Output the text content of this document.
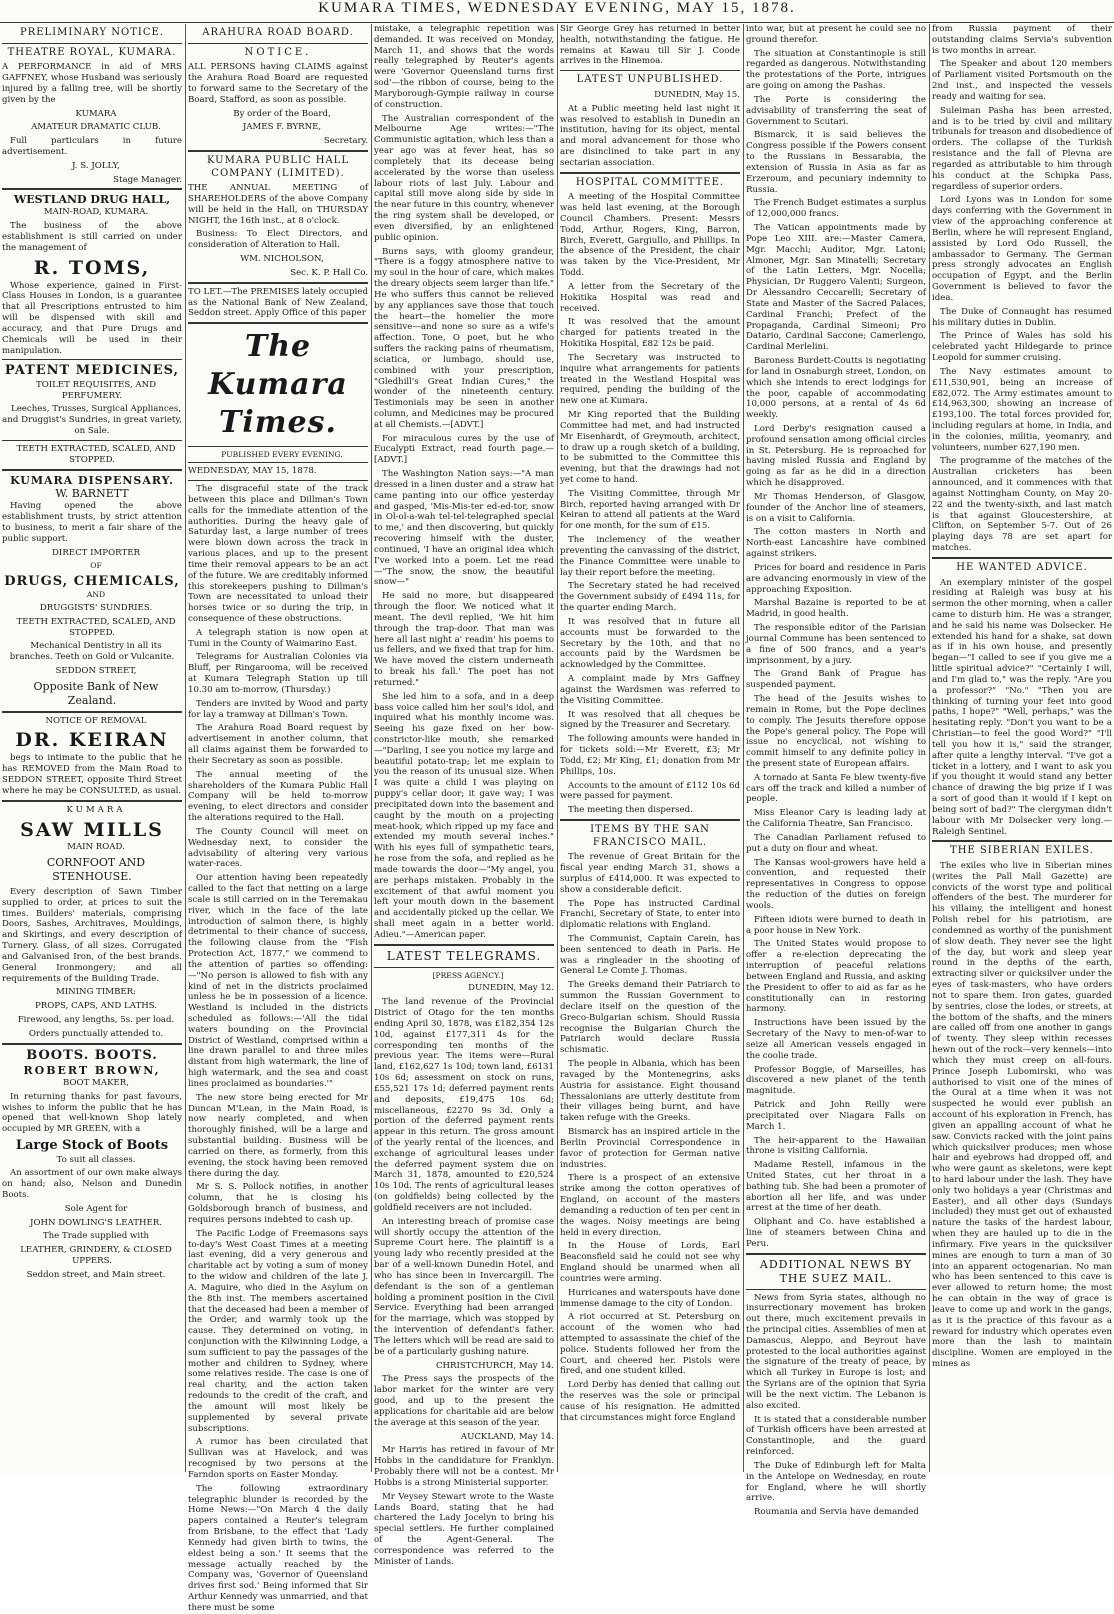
KUMARA TIMES, WEDNESDAY EVENING, MAY 15, 1878.
PRELIMINARY NOTICE.
THEATRE ROYAL, KUMARA.

A PERFORMANCE in aid of MRS GAFFNEY, whose Husband was seriously injured by a falling tree, will be shortly given by the

KUMARA

AMATEUR DRAMATIC CLUB.

Full particulars in future advertisement.

J. S. JOLLY,

Stage Manager.

WESTLAND DRUG HALL,

MAIN-ROAD, KUMARA.

The business of the above establishment is still carried on under the management of

R. TOMS,

Whose experience, gained in First-Class Houses in London, is a guarantee that all Prescriptions entrusted to him will be dispensed with skill and accuracy, and that Pure Drugs and Chemicals will be used in their manipulation.

PATENT MEDICINES,

TOILET REQUISITES, AND PERFUMERY.

Leeches, Trusses, Surgical Appliances, and Druggist's Sundries, in great variety, on Sale.

TEETH EXTRACTED, SCALED, AND STOPPED.

KUMARA DISPENSARY.
W. BARNETT

Having opened the above establishment trusts, by strict attention to business, to merit a fair share of the public support.

DIRECT IMPORTER

OF

DRUGS, CHEMICALS,

AND

DRUGGISTS' SUNDRIES.

TEETH EXTRACTED, SCALED, AND STOPPED.

Mechanical Dentistry in all its branches. Teeth on Gold or Vulcanite.

SEDDON STREET,

Opposite Bank of New Zealand.

NOTICE OF REMOVAL

DR. KEIRAN

begs to intimate to the public that he has REMOVED from the Main Road to SEDDON STREET, opposite Third Street where he may be CONSULTED, as usual.

KUMARA

SAW MILLS

MAIN ROAD.

CORNFOOT AND STENHOUSE.

Every description of Sawn Timber supplied to order, at prices to suit the times. Builders' materials, comprising Doors, Sashes, Architraves, Mouldings, and Skirtings, and every description of Turnery. Glass, of all sizes. Corrugated and Galvanised Iron, of the best brands. General Ironmongery; and all requirements of the Building Trade.

MINING TIMBER:

PROPS, CAPS, AND LATHS.

Firewood, any lengths, 5s. per load.

Orders punctually attended to.

BOOTS. BOOTS.
ROBERT BROWN,

BOOT MAKER,

In returning thanks for past favours, wishes to inform the public that he has opened that well-known Shop lately occupied by MR GREEN, with a

Large Stock of Boots

To suit all classes.

An assortment of our own make always on hand; also, Nelson and Dunedin Boots.

Sole Agent for

JOHN DOWLING'S LEATHER.

The Trade supplied with

LEATHER, GRINDERY, & CLOSED UPPERS.

Seddon street, and Main street.

ARAHURA ROAD BOARD.
NOTICE.

ALL PERSONS having CLAIMS against the Arahura Road Board are requested to forward same to the Secretary of the Board, Stafford, as soon as possible.

By order of the Board,

JAMES F. BYRNE,

Secretary.

KUMARA PUBLIC HALL COMPANY (LIMITED).

THE ANNUAL MEETING of SHAREHOLDERS of the above Company will be held in the Hall, on THURSDAY NIGHT, the 16th inst., at 8 o'clock.

Business: To Elect Directors, and consideration of Alteration to Hall.

WM. NICHOLSON,

Sec. K. P. Hall Co.

TO LET.—The PREMISES lately occupied as the National Bank of New Zealand, Seddon street. Apply Office of this paper

The Kumara Times.

PUBLISHED EVERY EVENING.

WEDNESDAY, MAY 15, 1878.

The disgraceful state of the track between this place and Dillman's Town calls for the immediate attention of the authorities. During the heavy gale of Saturday last, a large number of trees were blown down across the track in various places, and up to the present time their removal appears to be an act of the future. We are creditably informed this storekeepers pushing to Dillman's Town are necessitated to unload their horses twice or so during the trip, in consequence of these obstructions.

A telegraph station is now open at Tumi in the County of Waimarino East.

Telegrams for Australian Colonies via Bluff, per Ringarooma, will be received at Kumara Telegraph Station up till 10.30 am to-morrow, (Thursday.)

Tenders are invited by Wood and party for lay a tramway at Dillman's Town.

The Arahura Road Board request by advertisement in another column, that all claims against them be forwarded to their Secretary as soon as possible.

The annual meeting of the shareholders of the Kumara Public Hall Company will be held to-morrow evening, to elect directors and consider the alterations required to the Hall.

The County Council will meet on Wednesday next, to consider the advisability of altering very various water-races.

Our attention having been repeatedly called to the fact that netting on a large scale is still carried on in the Teremakau river, which in the face of the late introduction of salmon there, is highly detrimental to their chance of success, the following clause from the "Fish Protection Act, 1877," we commend to the attention of parties so offending:—"No person is allowed to fish with any kind of net in the districts proclaimed unless he be in possession of a licence. Westland is included in the districts scheduled as follows:—'All the tidal waters bounding on the Provincial District of Westland, comprised within a line drawn parallel to and three miles distant from high watermark, the line of high watermark, and the sea and coast lines proclaimed as boundaries.'"

The new store being erected for Mr Duncan M'Lean, in the Main Road, is now nearly completed, and when thoroughly finished, will be a large and substantial building. Business will be carried on there, as formerly, from this evening, the stock having been removed there during the day.

Mr S. S. Pollock notifies, in another column, that he is closing his Goldsborough branch of business, and requires persons indebted to cash up.

The Pacific Lodge of Freemasons says to-day's West Coast Times at a meeting last evening, did a very generous and charitable act by voting a sum of money to the widow and children of the late J. A. Maguire, who died in the Asylum on the 8th inst. The members ascertained that the deceased had been a member of the Order, and warmly took up the cause. They determined on voting, in conjunction with the Kilwinning Lodge, a sum sufficient to pay the passages of the mother and children to Sydney, where some relatives reside. The case is one of real charity, and the action taken redounds to the credit of the craft, and the amount will most likely be supplemented by several private subscriptions.

A rumor has been circulated that Sullivan was at Havelock, and was recognised by two persons at the Farndon sports on Easter Monday.

The following extraordinary telegraphic blunder is recorded by the Home News:—"On March 4 the daily papers contained a Reuter's telegram from Brisbane, to the effect that 'Lady Kennedy had given birth to twins, the eldest being a son.' It seems that the message actually reached by the Company was, 'Governor of Queensland drives first sod.' Being informed that Sir Arthur Kennedy was unmarried, and that there must be some

mistake, a telegraphic repetition was demanded. It was received on Monday, March 11, and shows that the words really telegraphed by Reuter's agents were 'Governor Queensland turns first sod'—the ribbon of course, being to the Maryborough-Gympie railway in course of construction.

The Australian correspondent of the Melbourne Age writes:—"The Communistic agitation, which less than a year ago was at fever heat, has so completely that its decease being accelerated by the worse than useless labour riots of last July. Labour and capital still move along side by side in the near future in this country, whenever the ring system shall be developed, or even diversified, by an enlightened public opinion.

Burns says, with gloomy grandeur, "There is a foggy atmosphere native to my soul in the hour of care, which makes the dreary objects seem larger than life." He who suffers thus cannot be relieved by any appliances save those that touch the heart—the homelier the more sensitive—and none so sure as a wife's affection. Tone, O poet, but he who suffers the racking pains of rheumatism, sciatica, or lumbago, should use, combined with your prescription, "Gledhill's Great Indian Cures," the wonder of the nineteenth century. Testimonials may be seen in another column, and Medicines may be procured at all Chemists.—[ADVT.]

For miraculous cures by the use of Eucalypti Extract, read fourth page.—[ADVT.]

The Washington Nation says:—"A man dressed in a linen duster and a straw hat came panting into our office yesterday and gasped, 'Mis-Mis-ter ed-ed-tor, snow in Ol-ol-a-wah tel-tel-telegraphed special to me,' and then discovering, but quickly recovering himself with the duster, continued, 'I have an original idea which I've worked into a poem. Let me read—"The snow, the snow, the beautiful snow—"

He said no more, but disappeared through the floor. We noticed what it meant. The devil replied, 'We hit him through the trap-door. That man was here all last night a' readin' his poems to us fellers, and we fixed that trap for him. We have moved the cistern underneath to break his fall.' The poet has not returned."

She led him to a sofa, and in a deep bass voice called him her soul's idol, and inquired what his monthly income was. Seeing his gaze fixed on her bow-constrictor-like mouth, she remarked—"Darling, I see you notice my large and beautiful potato-trap; let me explain to you the reason of its unusual size. When I was quite a child I was playing on puppy's cellar door; it gave way; I was precipitated down into the basement and caught by the mouth on a projecting meat-hook, which ripped up my face and extended my mouth several inches." With his eyes full of sympathetic tears, he rose from the sofa, and replied as he made towards the door—"My angel, you are perhaps mistaken. Probably in the excitement of that awful moment you left your mouth down in the basement and accidentally picked up the cellar. We shall meet again in a better world. Adieu."—American paper.

LATEST TELEGRAMS.

[PRESS AGENCY.]

DUNEDIN, May 12.

The land revenue of the Provincial District of Otago for the ten months ending April 30, 1878, was £182,354 12s 10d, against £177,311 4s for the corresponding ten months of the previous year. The items were—Rural land, £162,627 1s 10d; town land, £6131 10s 6d; assessment on stock on runs, £55,521 17s 1d; deferred payment rents and deposits, £19,475 10s 6d; miscellaneous, £2270 9s 3d. Only a portion of the deferred payment rents appear in this return. The gross amount of the yearly rental of the licences, and exchange of agricultural leases under the deferred payment system due on March 31, 1878, amounted to £20,524 10s 10d. The rents of agricultural leases (on goldfields) being collected by the goldfield receivers are not included.

An interesting breach of promise case will shortly occupy the attention of the Supreme Court here. The plaintiff is a young lady who recently presided at the bar of a well-known Dunedin Hotel, and who has since been in Invercargill. The defendant is the son of a gentleman holding a prominent position in the Civil Service. Everything had been arranged for the marriage, which was stopped by the intervention of defendant's father. The letters which will be read are said to be of a particularly gushing nature.

CHRISTCHURCH, May 14.

The Press says the prospects of the labor market for the winter are very good, and up to the present the applications for charitable aid are below the average at this season of the year.

AUCKLAND, May 14.

Mr Harris has retired in favour of Mr Hobbs in the candidature for Franklyn. Probably there will not be a contest. Mr Hobbs is a strong Ministerial supporter.

Mr Veysey Stewart wrote to the Waste Lands Board, stating that he had chartered the Lady Jocelyn to bring his special settlers. He further complained of the Agent-General. The correspondence was referred to the Minister of Lands.

Sir George Grey has returned in better health, notwithstanding the fatigue. He remains at Kawau till Sir J. Coode arrives in the Hinemoa.

LATEST UNPUBLISHED.

DUNEDIN, May 15.

At a Public meeting held last night it was resolved to establish in Dunedin an institution, having for its object, mental and moral advancement for those who are disinclined to take part in any sectarian association.

HOSPITAL COMMITTEE.

A meeting of the Hospital Committee was held last evening, at the Borough Council Chambers. Present: Messrs Todd, Arthur, Rogers, King, Barron, Birch, Everett, Gargiullo, and Phillips. In the absence of the President, the chair was taken by the Vice-President, Mr Todd.

A letter from the Secretary of the Hokitika Hospital was read and received.

It was resolved that the amount charged for patients treated in the Hokitika Hospital, £82 12s be paid.

The Secretary was instructed to inquire what arrangements for patients treated in the Westland Hospital was required, pending the building of the new one at Kumara.

Mr King reported that the Building Committee had met, and had instructed Mr Eisenhardt, of Greymouth, architect, to draw up a rough sketch of a building, to be submitted to the Committee this evening, but that the drawings had not yet come to hand.

The Visiting Committee, through Mr Birch, reported having arranged with Dr Keiran to attend all patients at the Ward for one month, for the sum of £15.

The inclemency of the weather preventing the canvassing of the district, the Finance Committee were unable to lay their report before the meeting.

The Secretary stated he had received the Government subsidy of £494 11s, for the quarter ending March.

It was resolved that in future all accounts must be forwarded to the Secretary by the 10th, and that no accounts paid by the Wardsmen be acknowledged by the Committee.

A complaint made by Mrs Gaffney against the Wardsmen was referred to the Visiting Committee.

It was resolved that all cheques be signed by the Treasurer and Secretary.

The following amounts were handed in for tickets sold:—Mr Everett, £3; Mr Todd, £2; Mr King, £1; donation from Mr Phillips, 10s.

Accounts to the amount of £112 10s 6d were passed for payment.

The meeting then dispersed.

ITEMS BY THE SAN FRANCISCO MAIL.

The revenue of Great Britain for the fiscal year ending March 31, shows a surplus of £414,000. It was expected to show a considerable deficit.

The Pope has instructed Cardinal Franchi, Secretary of State, to enter into diplomatic relations with England.

The Communist, Captain Carein, has been sentenced to death in Paris. He was a ringleader in the shooting of General Le Comte J. Thomas.

The Greeks demand their Patriarch to summon the Russian Government to declare itself on the question of the Greco-Bulgarian schism. Should Russia recognise the Bulgarian Church the Patriarch would declare Russia schismatic.

The people in Albania, which has been ravaged by the Montenegrins, asks Austria for assistance. Eight thousand Thessalonians are utterly destitute from their villages being burnt, and have taken refuge with the Greeks.

Bismarck has an inspired article in the Berlin Provincial Correspondence in favor of protection for German native industries.

There is a prospect of an extensive strike among the cotton operatives of England, on account of the masters demanding a reduction of ten per cent in the wages. Noisy meetings are being held in every direction.

In the House of Lords, Earl Beaconsfield said he could not see why England should be unarmed when all countries were arming.

Hurricanes and waterspouts have done immense damage to the city of London.

A riot occurred at St. Petersburg on account of the women who had attempted to assassinate the chief of the police. Students followed her from the Court, and cheered her. Pistols were fired, and one student killed.

Lord Derby has denied that calling out the reserves was the sole or principal cause of his resignation. He admitted that circumstances might force England

into war, but at present he could see no ground therefor.

The situation at Constantinople is still regarded as dangerous. Notwithstanding the protestations of the Porte, intrigues are going on among the Pashas.

The Porte is considering the advisability of transferring the seat of Government to Scutari.

Bismarck, it is said believes the Congress possible if the Powers consent to the Russians in Bessarabia, the extension of Russia in Asia as far as Erzeroum, and pecuniary indemnity to Russia.

The French Budget estimates a surplus of 12,000,000 francs.

The Vatican appointments made by Pope Leo XIII. are:—Master Camera, Mgr. Macchi; Auditor, Mgr. Latoni; Almoner, Mgr. San Minatelli; Secretary of the Latin Letters, Mgr. Nocella; Physician, Dr Ruggero Valenti; Surgeon, Dr Alessandro Ceccarelli; Secretary of State and Master of the Sacred Palaces, Cardinal Franchi; Prefect of the Propaganda, Cardinal Simeoni; Pro Datario, Cardinal Saccone; Camerlengo, Cardinal Merlelini.

Baroness Burdett-Coutts is negotiating for land in Osnaburgh street, London, on which she intends to erect lodgings for the poor, capable of accommodating 10,000 persons, at a rental of 4s 6d weekly.

Lord Derby's resignation caused a profound sensation among official circles in St. Petersburg. He is reproached for having misled Russia and England by going as far as he did in a direction which he disapproved.

Mr Thomas Henderson, of Glasgow, founder of the Anchor line of steamers, is on a visit to California.

The cotton masters in North and North-east Lancashire have combined against strikers.

Prices for board and residence in Paris are advancing enormously in view of the approaching Exposition.

Marshal Bazaine is reported to be at Madrid, in good health.

The responsible editor of the Parisian journal Commune has been sentenced to a fine of 500 francs, and a year's imprisonment, by a jury.

The Grand Bank of Prague has suspended payment.

The head of the Jesuits wishes to remain in Rome, but the Pope declines to comply. The Jesuits therefore oppose the Pope's general policy. The Pope will issue no encyclical, not wishing to commit himself to any definite policy in the present state of European affairs.

A tornado at Santa Fe blew twenty-five cars off the track and killed a number of people.

Miss Eleanor Cary is leading lady at the California Theatre, San Francisco.

The Canadian Parliament refused to put a duty on flour and wheat.

The Kansas wool-growers have held a convention, and requested their representatives in Congress to oppose the reduction of the duties on foreign wools.

Fifteen idiots were burned to death in a poor house in New York.

The United States would propose to offer a re-election deprecating the interruption of peaceful relations between England and Russia, and asking the President to offer to aid as far as he constitutionally can in restoring harmony.

Instructions have been issued by the Secretary of the Navy to men-of-war to seize all American vessels engaged in the coolie trade.

Professor Boggie, of Marseilles, has discovered a new planet of the tenth magnitude.

Patrick and John Reilly were precipitated over Niagara Falls on March 1.

The heir-apparent to the Hawaiian throne is visiting California.

Madame Restell, infamous in the United States, cut her throat in a bathing tub. She had been a promoter of abortion all her life, and was under arrest at the time of her death.

Oliphant and Co. have established a line of steamers between China and Peru.

ADDITIONAL NEWS BY THE SUEZ MAIL.

News from Syria states, although no insurrectionary movement has broken out there, much excitement prevails in the principal cities. Assemblies of men at Damascus, Aleppo, and Beyrout have protested to the local authorities against the signature of the treaty of peace, by which all Turkey in Europe is lost; and the Syrians are of the opinion that Syria will be the next victim. The Lebanon is also excited.

It is stated that a considerable number of Turkish officers have been arrested at Constantinople, and the guard reinforced.

The Duke of Edinburgh left for Malta in the Antelope on Wednesday, en route for England, where he will shortly arrive.

Roumania and Servia have demanded

from Russia payment of their outstanding claims Servia's subvention is two months in arrear.

The Speaker and about 120 members of Parliament visited Portsmouth on the 2nd inst., and inspected the vessels ready and waiting for sea.

Suleiman Pasha has been arrested, and is to be tried by civil and military tribunals for treason and disobedience of orders. The collapse of the Turkish resistance and the fall of Plevna are regarded as attributable to him through his conduct at the Schipka Pass, regardless of superior orders.

Lord Lyons was in London for some days conferring with the Government in view of the approaching conference at Berlin, where he will represent England, assisted by Lord Odo Russell, the ambassador to Germany. The German press strongly advocates an English occupation of Egypt, and the Berlin Government is believed to favor the idea.

The Duke of Connaught has resumed his military duties in Dublin.

The Prince of Wales has sold his celebrated yacht Hildegarde to prince Leopold for summer cruising.

The Navy estimates amount to £11,530,901, being an increase of £82,072. The Army estimates amount to £14,963,300, showing an increase of £193,100. The total forces provided for, including regulars at home, in India, and in the colonies, militia, yeomanry, and volunteers, number 627,190 men.

The programme of the matches of the Australian cricketers has been announced, and it commences with that against Nottingham County, on May 20-22 and the twenty-sixth, and last match is that against Gloucestershire, at Clifton, on September 5-7. Out of 26 playing days 78 are set apart for matches.

HE WANTED ADVICE.

An exemplary minister of the gospel residing at Raleigh was busy at his sermon the other morning, when a caller came to disturb him. He was a stranger, and he said his name was Dolsecker. He extended his hand for a shake, sat down as if in his own house, and presently began—"I called to see if you give me a little spiritual advice?" "Certainly I will, and I'm glad to," was the reply. "Are you a professor?" "No." "Then you are thinking of turning your feet into good paths, I hope?" "Well, perhaps," was the hesitating reply. "Don't you want to be a Christian—to feel the good Word?" "I'll tell you how it is," said the stranger, after quite a lengthy interval. "I've got a ticket in a lottery, and I want to ask you if you thought it would stand any better chance of drawing the big prize if I was a sort of good than it would if I kept on being sort of bad?" The clergyman didn't labour with Mr Dolsecker very long.—Raleigh Sentinel.

THE SIBERIAN EXILES.

The exiles who live in Siberian mines (writes the Pall Mall Gazette) are convicts of the worst type and political offenders of the best. The murderer for his villainy, the intelligent and honest Polish rebel for his patriotism, are condemned as worthy of the punishment of slow death. They never see the light of the day, but work and sleep year round in the depths of the earth, extracting silver or quicksilver under the eyes of task-masters, who have orders not to spare them. Iron gates, guarded by sentries, close the lodes, or streets, at the bottom of the shafts, and the miners are called off from one another in gangs of twenty. They sleep within recesses hewn out of the rock—very kennels—into which they must creep on all-fours. Prince Joseph Lubomirski, who was authorised to visit one of the mines of the Oural at a time when it was not suspected he would ever publish an account of his exploration in French, has given an appalling account of what he saw. Convicts racked with the joint pains which quicksilver produces; men whose hair and eyebrows had dropped off, and who were gaunt as skeletons, were kept to hard labour under the lash. They have only two holidays a year (Christmas and Easter), and all other days (Sundays included) they must get out of exhausted nature the tasks of the hardest labour, when they are hauled up to die in the infirmary. Five years in the quicksilver mines are enough to turn a man of 30 into an apparent octogenarian. No man who has been sentenced to this cave is ever allowed to return home; the most he can obtain in the way of grace is leave to come up and work in the gangs, as it is the practice of this favour as a reward for industry which operates even more than the lash to maintain discipline. Women are employed in the mines as
